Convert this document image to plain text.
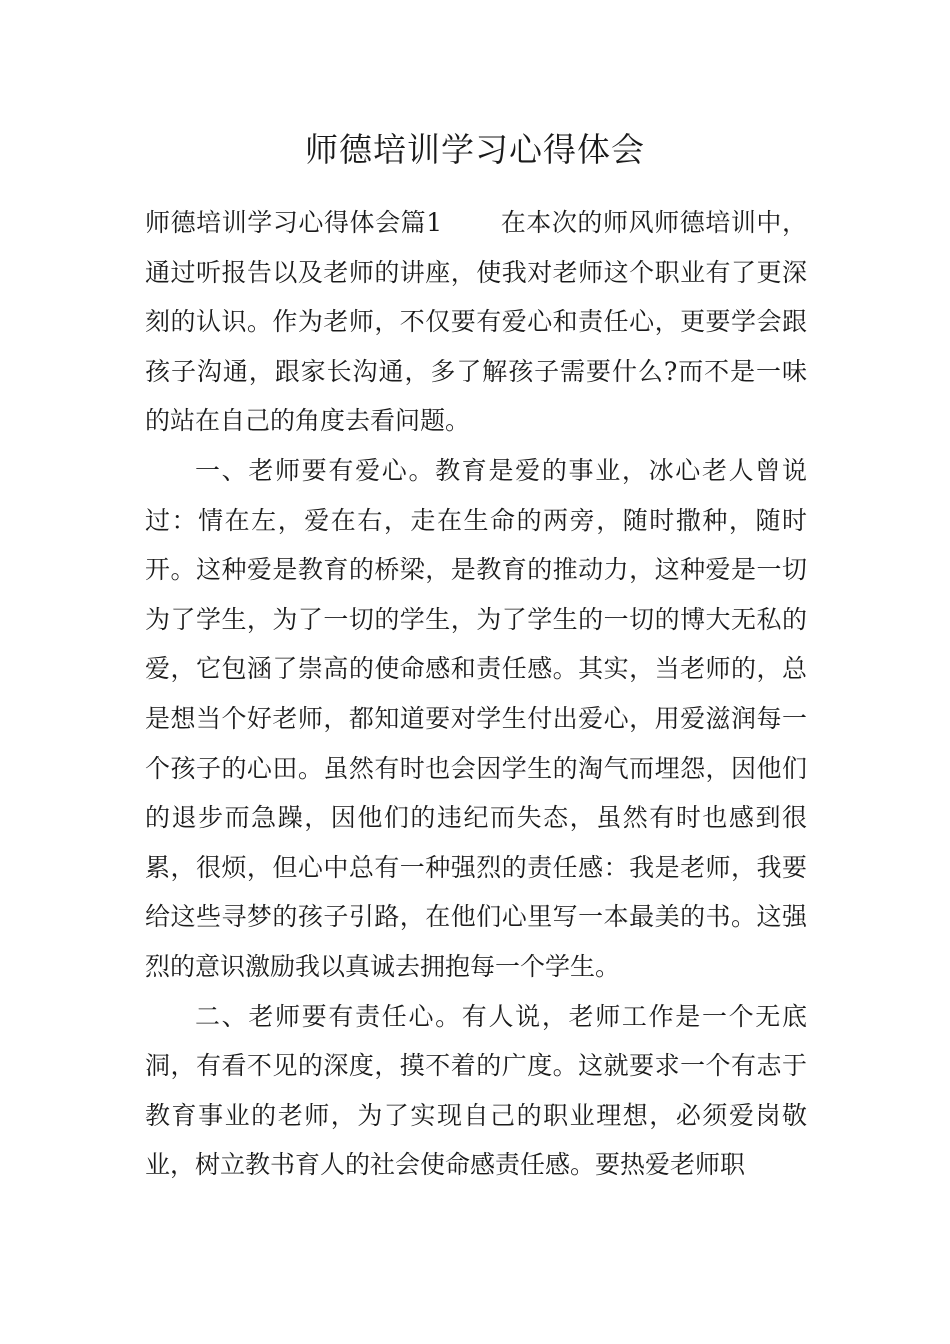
师德培训学习心得体会

师德培训学习心得体会篇1 在本次的师风师德培训中，通过听报告以及老师的讲座，使我对老师这个职业有了更深刻的认识。作为老师，不仅要有爱心和责任心，更要学会跟孩子沟通，跟家长沟通，多了解孩子需要什么?而不是一味的站在自己的角度去看问题。

一、老师要有爱心。教育是爱的事业，冰心老人曾说过：情在左，爱在右，走在生命的两旁，随时撒种，随时开。这种爱是教育的桥梁，是教育的推动力，这种爱是一切为了学生，为了一切的学生，为了学生的一切的博大无私的爱，它包涵了崇高的使命感和责任感。其实，当老师的，总是想当个好老师，都知道要对学生付出爱心，用爱滋润每一个孩子的心田。虽然有时也会因学生的淘气而埋怨，因他们的退步而急躁，因他们的违纪而失态，虽然有时也感到很累，很烦，但心中总有一种强烈的责任感：我是老师，我要给这些寻梦的孩子引路，在他们心里写一本最美的书。这强烈的意识激励我以真诚去拥抱每一个学生。

二、老师要有责任心。有人说，老师工作是一个无底洞，有看不见的深度，摸不着的广度。这就要求一个有志于教育事业的老师，为了实现自己的职业理想，必须爱岗敬业，树立教书育人的社会使命感责任感。要热爱老师职
